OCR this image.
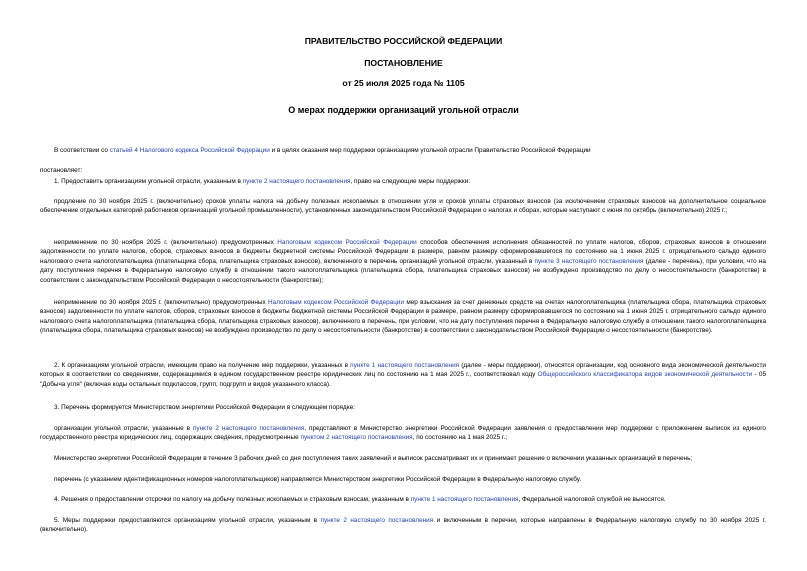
ПРАВИТЕЛЬСТВО РОССИЙСКОЙ ФЕДЕРАЦИИ
ПОСТАНОВЛЕНИЕ
от 25 июля 2025 года № 1105
О мерах поддержки организаций угольной отрасли
В соответствии со статьей 4 Налогового кодекса Российской Федерации и в целях оказания мер поддержки организациям угольной отрасли Правительство Российской Федерации
постановляет:
1. Предоставить организациям угольной отрасли, указанным в пункте 2 настоящего постановления, право на следующие меры поддержки:
продление по 30 ноября 2025 г. (включительно) сроков уплаты налога на добычу полезных ископаемых в отношении угля и сроков уплаты страховых взносов (за исключением страховых взносов на дополнительное социальное обеспечение отдельных категорий работников организаций угольной промышленности), установленных законодательством Российской Федерации о налогах и сборах, которые наступают с июня по октябрь (включительно) 2025 г.;
неприменение по 30 ноября 2025 г. (включительно) предусмотренных Налоговым кодексом Российской Федерации способов обеспечения исполнения обязанностей по уплате налогов, сборов, страховых взносов в отношении задолженности по уплате налогов, сборов, страховых взносов в бюджеты бюджетной системы Российской Федерации в размере, равном размеру сформировавшегося по состоянию на 1 июня 2025 г. отрицательного сальдо единого налогового счета налогоплательщика (плательщика сбора, плательщика страховых взносов), включенного в перечень организаций угольной отрасли, указанный в пункте 3 настоящего постановления (далее - перечень), при условии, что на дату поступления перечня в Федеральную налоговую службу в отношении такого налогоплательщика (плательщика сбора, плательщика страховых взносов) не возбуждено производство по делу о несостоятельности (банкротстве) в соответствии с законодательством Российской Федерации о несостоятельности (банкротстве);
неприменение по 30 ноября 2025 г. (включительно) предусмотренных Налоговым кодексом Российской Федерации мер взыскания за счет денежных средств на счетах налогоплательщика (плательщика сбора, плательщика страховых взносов) задолженности по уплате налогов, сборов, страховых взносов в бюджеты бюджетной системы Российской Федерации в размере, равном размеру сформировавшегося по состоянию на 1 июня 2025 г. отрицательного сальдо единого налогового счета налогоплательщика (плательщика сбора, плательщика страховых взносов), включенного в перечень, при условии, что на дату поступления перечня в Федеральную налоговую службу в отношении такого налогоплательщика (плательщика сбора, плательщика страховых взносов) не возбуждено производство по делу о несостоятельности (банкротстве) в соответствии с законодательством Российской Федерации о несостоятельности (банкротстве).
2. К организациям угольной отрасли, имеющим право на получение мер поддержки, указанных в пункте 1 настоящего постановления (далее - меры поддержки), относятся организации, код основного вида экономической деятельности которых в соответствии со сведениями, содержащимися в едином государственном реестре юридических лиц по состоянию на 1 мая 2025 г., соответствовал коду Общероссийского классификатора видов экономической деятельности - 05 "Добыча угля" (включая коды остальных подклассов, групп, подгрупп и видов указанного класса).
3. Перечень формируется Министерством энергетики Российской Федерации в следующем порядке:
организации угольной отрасли, указанные в пункте 2 настоящего постановления, представляют в Министерство энергетики Российской Федерации заявления о предоставлении мер поддержки с приложением выписок из единого государственного реестра юридических лиц, содержащих сведения, предусмотренные пунктом 2 настоящего постановления, по состоянию на 1 мая 2025 г.;
Министерство энергетики Российской Федерации в течение 3 рабочих дней со дня поступления таких заявлений и выписок рассматривает их и принимает решение о включении указанных организаций в перечень;
перечень (с указанием идентификационных номеров налогоплательщиков) направляется Министерством энергетики Российской Федерации в Федеральную налоговую службу.
4. Решения о предоставлении отсрочки по налогу на добычу полезных ископаемых и страховым взносам, указанным в пункте 1 настоящего постановления, Федеральной налоговой службой не выносятся.
5. Меры поддержки предоставляются организациям угольной отрасли, указанным в пункте 2 настоящего постановления и включенным в перечни, которые направлены в Федеральную налоговую службу по 30 ноября 2025 г. (включительно).
